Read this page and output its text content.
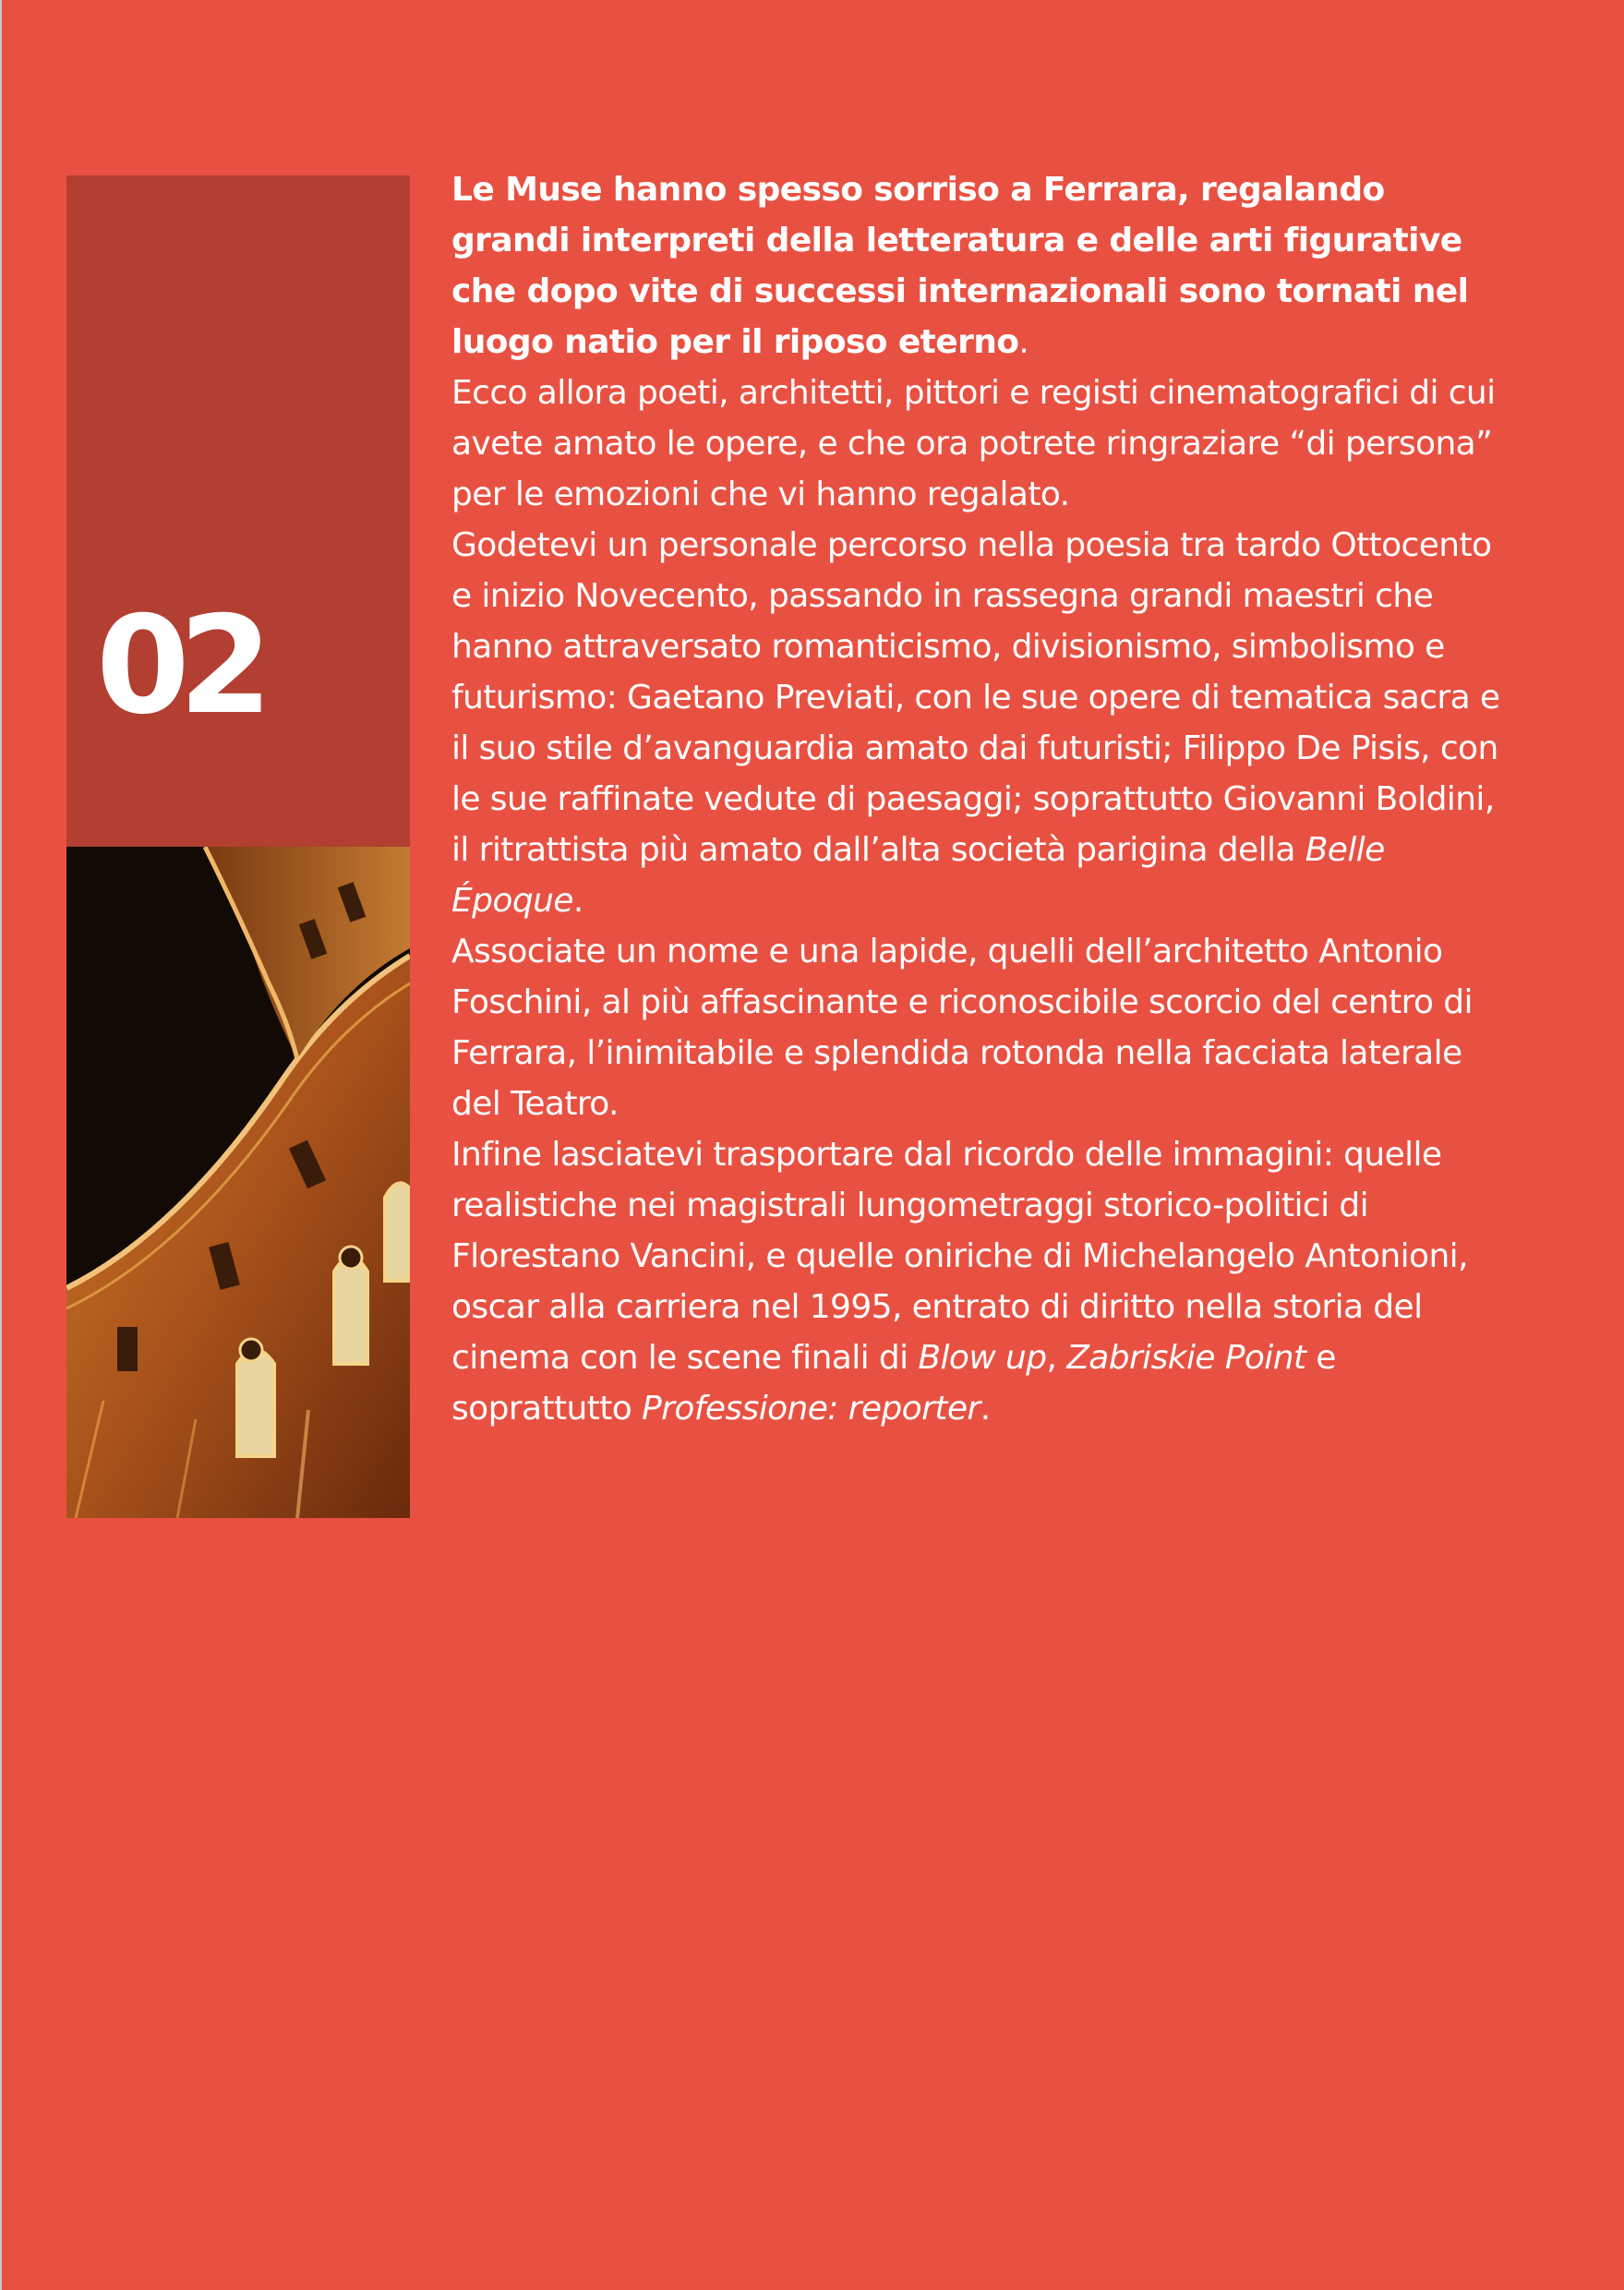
02

Le Muse hanno spesso sorriso a Ferrara, regalando grandi interpreti della letteratura e delle arti figurative che dopo vite di successi internazionali sono tornati nel luogo natio per il riposo eterno.

Ecco allora poeti, architetti, pittori e registi cinematografici di cui avete amato le opere, e che ora potrete ringraziare “di persona” per le emozioni che vi hanno regalato.

Godetevi un personale percorso nella poesia tra tardo Ottocento e inizio Novecento, passando in rassegna grandi maestri che hanno attraversato romanticismo, divisionismo, simbolismo e futurismo: Gaetano Previati, con le sue opere di tematica sacra e il suo stile d’avanguardia amato dai futuristi; Filippo De Pisis, con le sue raffinate vedute di paesaggi; soprattutto Giovanni Boldini, il ritrattista più amato dall’alta società parigina della Belle Époque.

Associate un nome e una lapide, quelli dell’architetto Antonio Foschini, al più affascinante e riconoscibile scorcio del centro di Ferrara, l’inimitabile e splendida rotonda nella facciata laterale del Teatro.

Infine lasciatevi trasportare dal ricordo delle immagini: quelle realistiche nei magistrali lungometraggi storico-politici di Florestano Vancini, e quelle oniriche di Michelangelo Antonioni, oscar alla carriera nel 1995, entrato di diritto nella storia del cinema con le scene finali di Blow up, Zabriskie Point e soprattutto Professione: reporter.
